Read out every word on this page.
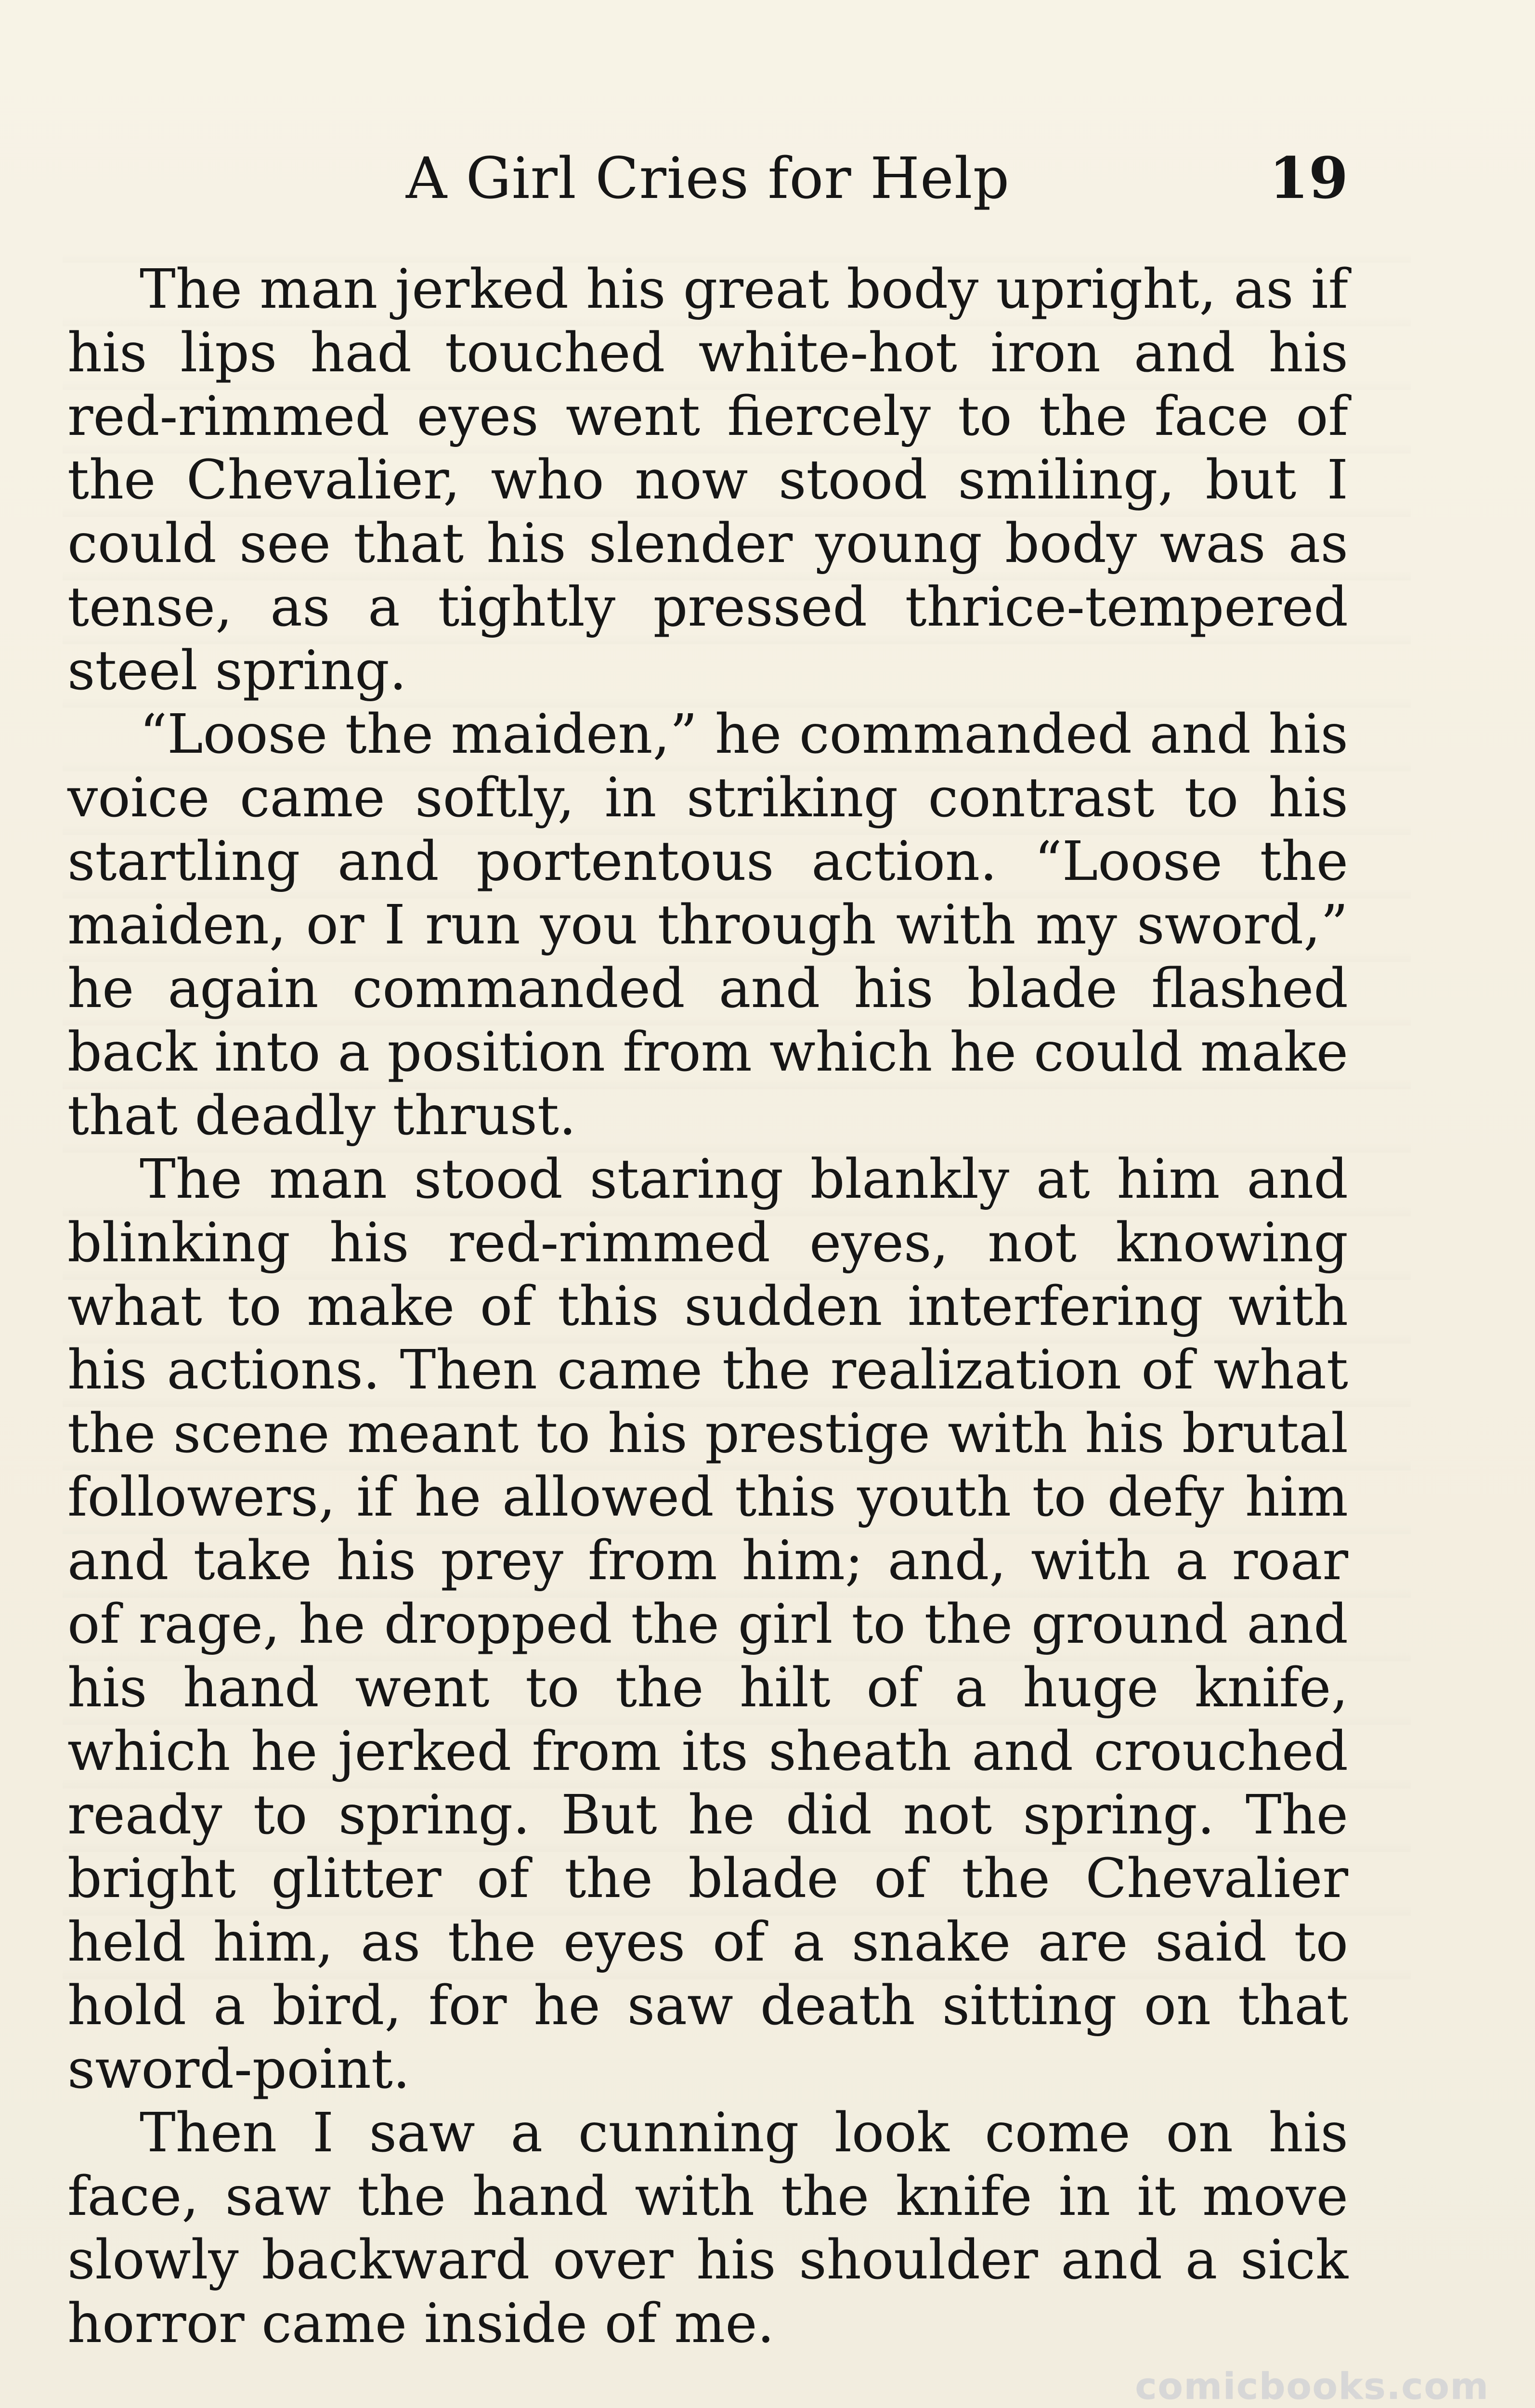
A Girl Cries for Help	19

The man jerked his great body upright, as if his lips had touched white-hot iron and his red-rimmed eyes went fiercely to the face of the Chevalier, who now stood smiling, but I could see that his slender young body was as tense, as a tightly pressed thrice-tempered steel spring.

“Loose the maiden,” he commanded and his voice came softly, in striking contrast to his startling and portentous action. “Loose the maiden, or I run you through with my sword,” he again commanded and his blade flashed back into a position from which he could make that deadly thrust.

The man stood staring blankly at him and blinking his red-rimmed eyes, not knowing what to make of this sudden interfering with his actions. Then came the realization of what the scene meant to his prestige with his brutal followers, if he allowed this youth to defy him and take his prey from him; and, with a roar of rage, he dropped the girl to the ground and his hand went to the hilt of a huge knife, which he jerked from its sheath and crouched ready to spring. But he did not spring. The bright glitter of the blade of the Chevalier held him, as the eyes of a snake are said to hold a bird, for he saw death sitting on that sword-point.

Then I saw a cunning look come on his face, saw the hand with the knife in it move slowly backward over his shoulder and a sick horror came inside of me.

comicbooks.com
